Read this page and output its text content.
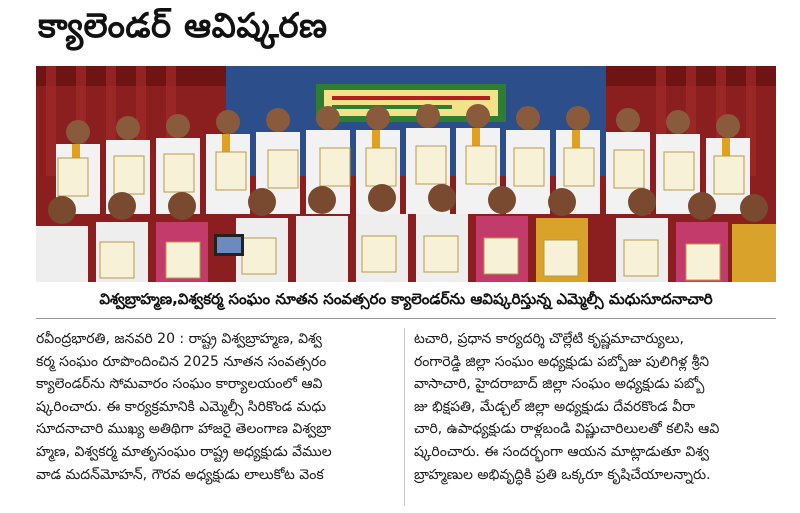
క్యాలెండర్ ఆవిష్కరణ
విశ్వబ్రాహ్మణ,విశ్వకర్మ సంఘం నూతన సంవత్సరం క్యాలెండర్‌ను ఆవిష్కరిస్తున్న ఎమ్మెల్సీ మధుసూదనాచారి

రవీంద్రభారతి, జనవరి 20 : రాష్ట్ర విశ్వబ్రాహ్మణ, విశ్వ

కర్మ సంఘం రూపొందించిన 2025 నూతన సంవత్సరం

క్యాలెండర్‌ను సోమవారం సంఘం కార్యాలయంలో ఆవి

ష్కరించారు. ఈ కార్యక్రమానికి ఎమ్మెల్సీ సిరికొండ మధు

సూదనాచారి ముఖ్య అతిథిగా హాజరై తెలంగాణ విశ్వబ్రా

హ్మణ, విశ్వకర్మ మాతృసంఘం రాష్ట్ర అధ్యక్షుడు వేముల

వాడ మదన్‌మోహన్, గౌరవ అధ్యక్షుడు లాలుకోట వెంక

టచారి, ప్రధాన కార్యదర్శి చొల్లేటి కృష్ణమాచార్యులు,

రంగారెడ్డి జిల్లా సంఘం అధ్యక్షుడు పబ్బోజు పులిగిళ్ల శ్రీని

వాసాచారి, హైదరాబాద్ జిల్లా సంఘం అధ్యక్షుడు పబ్బో

జు భిక్షపతి, మేడ్చల్ జిల్లా అధ్యక్షుడు దేవరకొండ వీరా

చారి, ఉపాధ్యక్షుడు రాళ్లబండి విష్ణుచారిలులతో కలిసి ఆవి

ష్కరించారు. ఈ సందర్భంగా ఆయన మాట్లాడుతూ విశ్వ

బ్రాహ్మణుల అభివృద్ధికి ప్రతి ఒక్కరూ కృషిచేయాలన్నారు.
